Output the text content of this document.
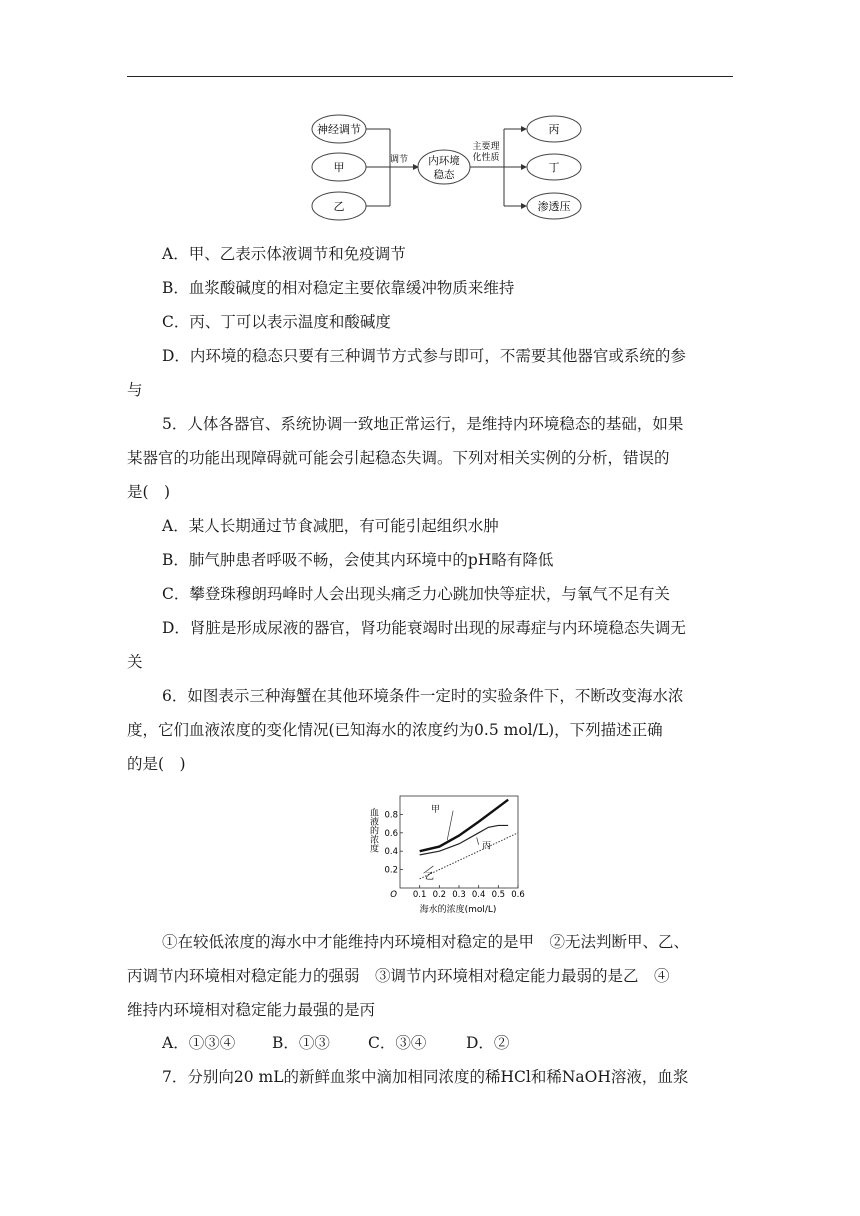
神经调节
甲
乙
调节 内环境
稳态
主要理
化性质
丙
丁
渗透压
A．甲、乙表示体液调节和免疫调节
B．血浆酸碱度的相对稳定主要依靠缓冲物质来维持
C．丙、丁可以表示温度和酸碱度
D．内环境的稳态只要有三种调节方式参与即可，不需要其他器官或系统的参
与
5．人体各器官、系统协调一致地正常运行，是维持内环境稳态的基础，如果
某器官的功能出现障碍就可能会引起稳态失调。下列对相关实例的分析，错误的
是(　)
A．某人长期通过节食减肥，有可能引起组织水肿
B．肺气肿患者呼吸不畅，会使其内环境中的pH略有降低
C．攀登珠穆朗玛峰时人会出现头痛乏力心跳加快等症状，与氧气不足有关
D．肾脏是形成尿液的器官，肾功能衰竭时出现的尿毒症与内环境稳态失调无
关
6．如图表示三种海蟹在其他环境条件一定时的实验条件下，不断改变海水浓
度，它们血液浓度的变化情况(已知海水的浓度约为0.5 mol/L)，下列描述正确
的是(　)
血液的浓度
0.2
0.4
0.6
0.8
0.1 0.2 0.3 0.4 0.5 0.6
O
甲
乙
丙
海水的浓度(mol/L)
①在较低浓度的海水中才能维持内环境相对稳定的是甲　②无法判断甲、乙、
丙调节内环境相对稳定能力的强弱　③调节内环境相对稳定能力最弱的是乙　④
维持内环境相对稳定能力最强的是丙
A．①③④ B．①③ C．③④	D．②
7．分别向20 mL的新鲜血浆中滴加相同浓度的稀HCl和稀NaOH溶液，血浆
